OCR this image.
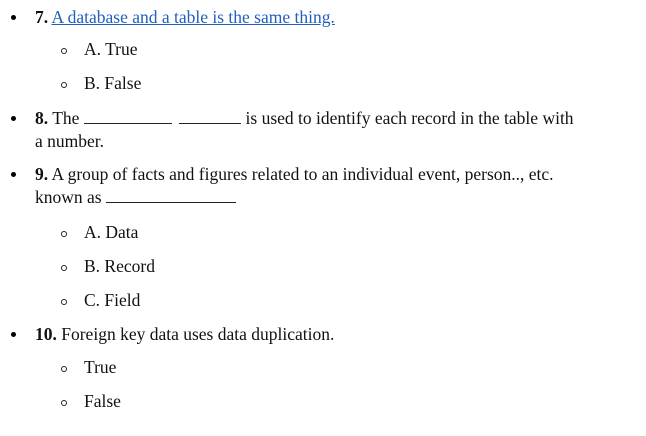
7. A database and a table is the same thing.
A. True
B. False
8. The	is used to identify each record in the table with
a number.
9. A group of facts and figures related to an individual event, person.., etc.
known as
A. Data
B. Record
C. Field
10. Foreign key data uses data duplication.
True
False
